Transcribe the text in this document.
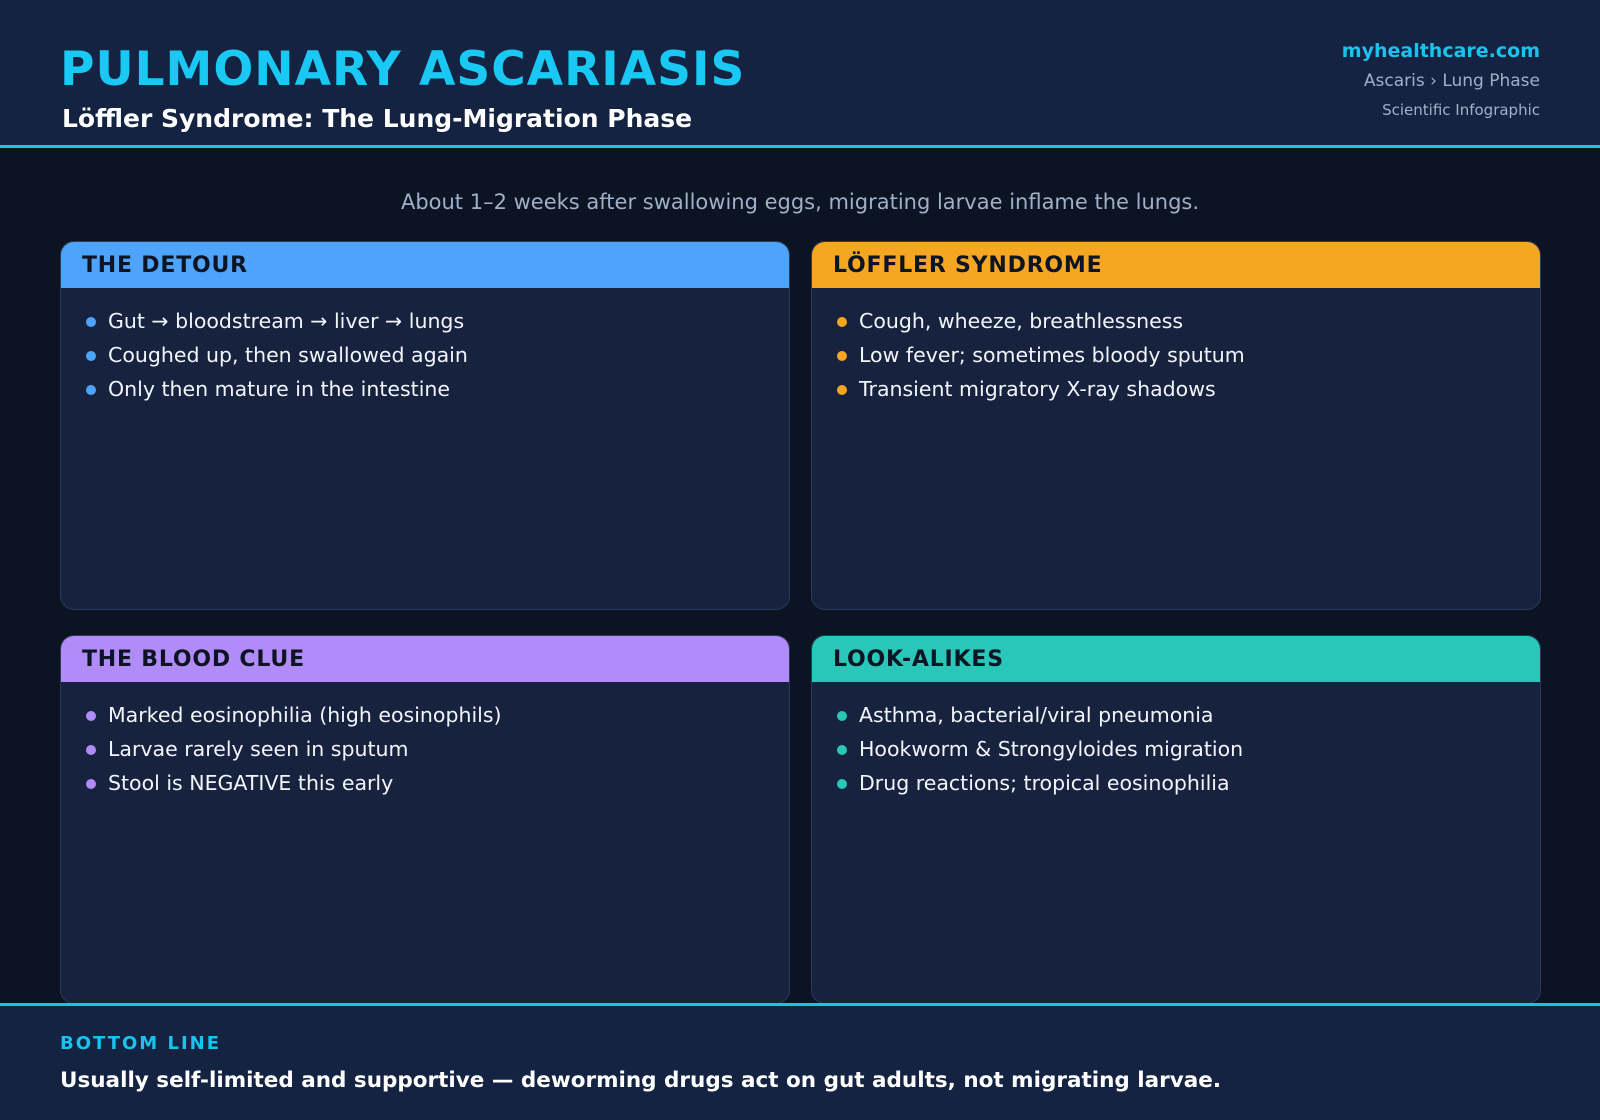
PULMONARY ASCARIASIS
Löffler Syndrome: The Lung-Migration Phase
myhealthcare.com
Ascaris › Lung Phase
Scientific Infographic
About 1–2 weeks after swallowing eggs, migrating larvae inflame the lungs.
THE DETOUR
Gut → bloodstream → liver → lungs
Coughed up, then swallowed again
Only then mature in the intestine
LÖFFLER SYNDROME
Cough, wheeze, breathlessness
Low fever; sometimes bloody sputum
Transient migratory X-ray shadows
THE BLOOD CLUE
Marked eosinophilia (high eosinophils)
Larvae rarely seen in sputum
Stool is NEGATIVE this early
LOOK-ALIKES
Asthma, bacterial/viral pneumonia
Hookworm & Strongyloides migration
Drug reactions; tropical eosinophilia
BOTTOM LINE
Usually self-limited and supportive — deworming drugs act on gut adults, not migrating larvae.
